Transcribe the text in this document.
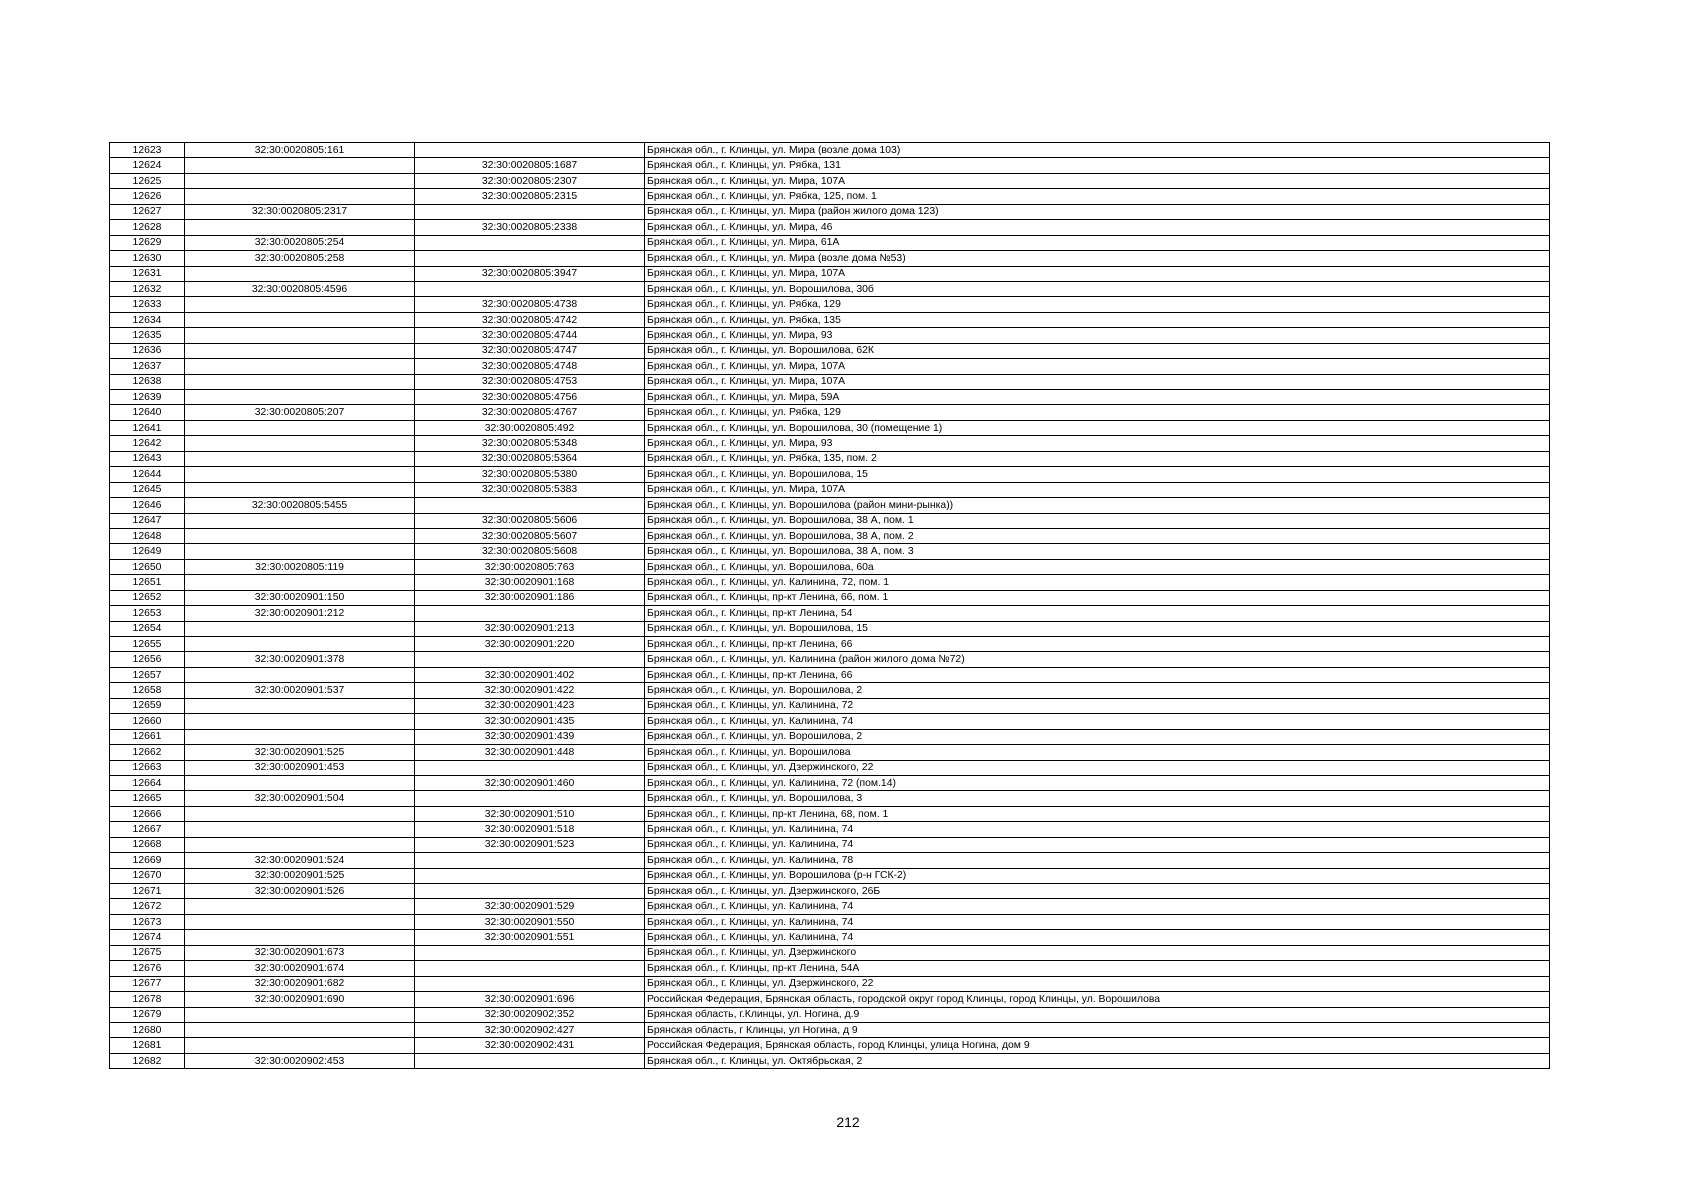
12623	32:30:0020805:161		Брянская обл., г. Клинцы, ул. Мира (возле дома 103)
12624		32:30:0020805:1687	Брянская обл., г. Клинцы, ул. Рябка, 131
12625		32:30:0020805:2307	Брянская обл., г. Клинцы, ул. Мира, 107А
12626		32:30:0020805:2315	Брянская обл., г. Клинцы, ул. Рябка, 125, пом. 1
12627	32:30:0020805:2317		Брянская обл., г. Клинцы, ул. Мира (район жилого дома 123)
12628		32:30:0020805:2338	Брянская обл., г. Клинцы, ул. Мира, 46
12629	32:30:0020805:254		Брянская обл., г. Клинцы, ул. Мира, 61А
12630	32:30:0020805:258		Брянская обл., г. Клинцы, ул. Мира (возле дома №53)
12631		32:30:0020805:3947	Брянская обл., г. Клинцы, ул. Мира, 107А
12632	32:30:0020805:4596		Брянская обл., г. Клинцы, ул. Ворошилова, 30б
12633		32:30:0020805:4738	Брянская обл., г. Клинцы, ул. Рябка, 129
12634		32:30:0020805:4742	Брянская обл., г. Клинцы, ул. Рябка, 135
12635		32:30:0020805:4744	Брянская обл., г. Клинцы, ул. Мира, 93
12636		32:30:0020805:4747	Брянская обл., г. Клинцы, ул. Ворошилова, 62К
12637		32:30:0020805:4748	Брянская обл., г. Клинцы, ул. Мира, 107А
12638		32:30:0020805:4753	Брянская обл., г. Клинцы, ул. Мира, 107А
12639		32:30:0020805:4756	Брянская обл., г. Клинцы, ул. Мира, 59А
12640	32:30:0020805:207	32:30:0020805:4767	Брянская обл., г. Клинцы, ул. Рябка, 129
12641		32:30:0020805:492	Брянская обл., г. Клинцы, ул. Ворошилова, 30 (помещение 1)
12642		32:30:0020805:5348	Брянская обл., г. Клинцы, ул. Мира, 93
12643		32:30:0020805:5364	Брянская обл., г. Клинцы, ул. Рябка, 135, пом. 2
12644		32:30:0020805:5380	Брянская обл., г. Клинцы, ул. Ворошилова, 15
12645		32:30:0020805:5383	Брянская обл., г. Клинцы, ул. Мира, 107А
12646	32:30:0020805:5455		Брянская обл., г. Клинцы, ул. Ворошилова (район мини-рынка))
12647		32:30:0020805:5606	Брянская обл., г. Клинцы, ул. Ворошилова, 38 А, пом. 1
12648		32:30:0020805:5607	Брянская обл., г. Клинцы, ул. Ворошилова, 38 А, пом. 2
12649		32:30:0020805:5608	Брянская обл., г. Клинцы, ул. Ворошилова, 38 А, пом. 3
12650	32:30:0020805:119	32:30:0020805:763	Брянская обл., г. Клинцы, ул. Ворошилова, 60а
12651		32:30:0020901:168	Брянская обл., г. Клинцы, ул. Калинина, 72, пом. 1
12652	32:30:0020901:150	32:30:0020901:186	Брянская обл., г. Клинцы, пр-кт Ленина, 66, пом. 1
12653	32:30:0020901:212		Брянская обл., г. Клинцы, пр-кт Ленина, 54
12654		32:30:0020901:213	Брянская обл., г. Клинцы, ул. Ворошилова, 15
12655		32:30:0020901:220	Брянская обл., г. Клинцы, пр-кт Ленина, 66
12656	32:30:0020901:378		Брянская обл., г. Клинцы, ул. Калинина (район жилого дома №72)
12657		32:30:0020901:402	Брянская обл., г. Клинцы, пр-кт Ленина, 66
12658	32:30:0020901:537	32:30:0020901:422	Брянская обл., г. Клинцы, ул. Ворошилова, 2
12659		32:30:0020901:423	Брянская обл., г. Клинцы, ул. Калинина, 72
12660		32:30:0020901:435	Брянская обл., г. Клинцы, ул. Калинина, 74
12661		32:30:0020901:439	Брянская обл., г. Клинцы, ул. Ворошилова, 2
12662	32:30:0020901:525	32:30:0020901:448	Брянская обл., г. Клинцы, ул. Ворошилова
12663	32:30:0020901:453		Брянская обл., г. Клинцы, ул. Дзержинского, 22
12664		32:30:0020901:460	Брянская обл., г. Клинцы, ул. Калинина, 72 (пом.14)
12665	32:30:0020901:504		Брянская обл., г. Клинцы, ул. Ворошилова, 3
12666		32:30:0020901:510	Брянская обл., г. Клинцы, пр-кт Ленина, 68, пом. 1
12667		32:30:0020901:518	Брянская обл., г. Клинцы, ул. Калинина, 74
12668		32:30:0020901:523	Брянская обл., г. Клинцы, ул. Калинина, 74
12669	32:30:0020901:524		Брянская обл., г. Клинцы, ул. Калинина, 78
12670	32:30:0020901:525		Брянская обл., г. Клинцы, ул. Ворошилова (р-н ГСК-2)
12671	32:30:0020901:526		Брянская обл., г. Клинцы, ул. Дзержинского, 26Б
12672		32:30:0020901:529	Брянская обл., г. Клинцы, ул. Калинина, 74
12673		32:30:0020901:550	Брянская обл., г. Клинцы, ул. Калинина, 74
12674		32:30:0020901:551	Брянская обл., г. Клинцы, ул. Калинина, 74
12675	32:30:0020901:673		Брянская обл., г. Клинцы, ул. Дзержинского
12676	32:30:0020901:674		Брянская обл., г. Клинцы, пр-кт Ленина, 54А
12677	32:30:0020901:682		Брянская обл., г. Клинцы, ул. Дзержинского, 22
12678	32:30:0020901:690	32:30:0020901:696	Российская Федерация, Брянская область, городской округ город Клинцы, город Клинцы, ул. Ворошилова
12679		32:30:0020902:352	Брянская область, г.Клинцы, ул. Ногина, д.9
12680		32:30:0020902:427	Брянская область, г Клинцы, ул Ногина, д 9
12681		32:30:0020902:431	Российская Федерация, Брянская область, город Клинцы, улица Ногина, дом 9
12682	32:30:0020902:453		Брянская обл., г. Клинцы, ул. Октябрьская, 2
212
